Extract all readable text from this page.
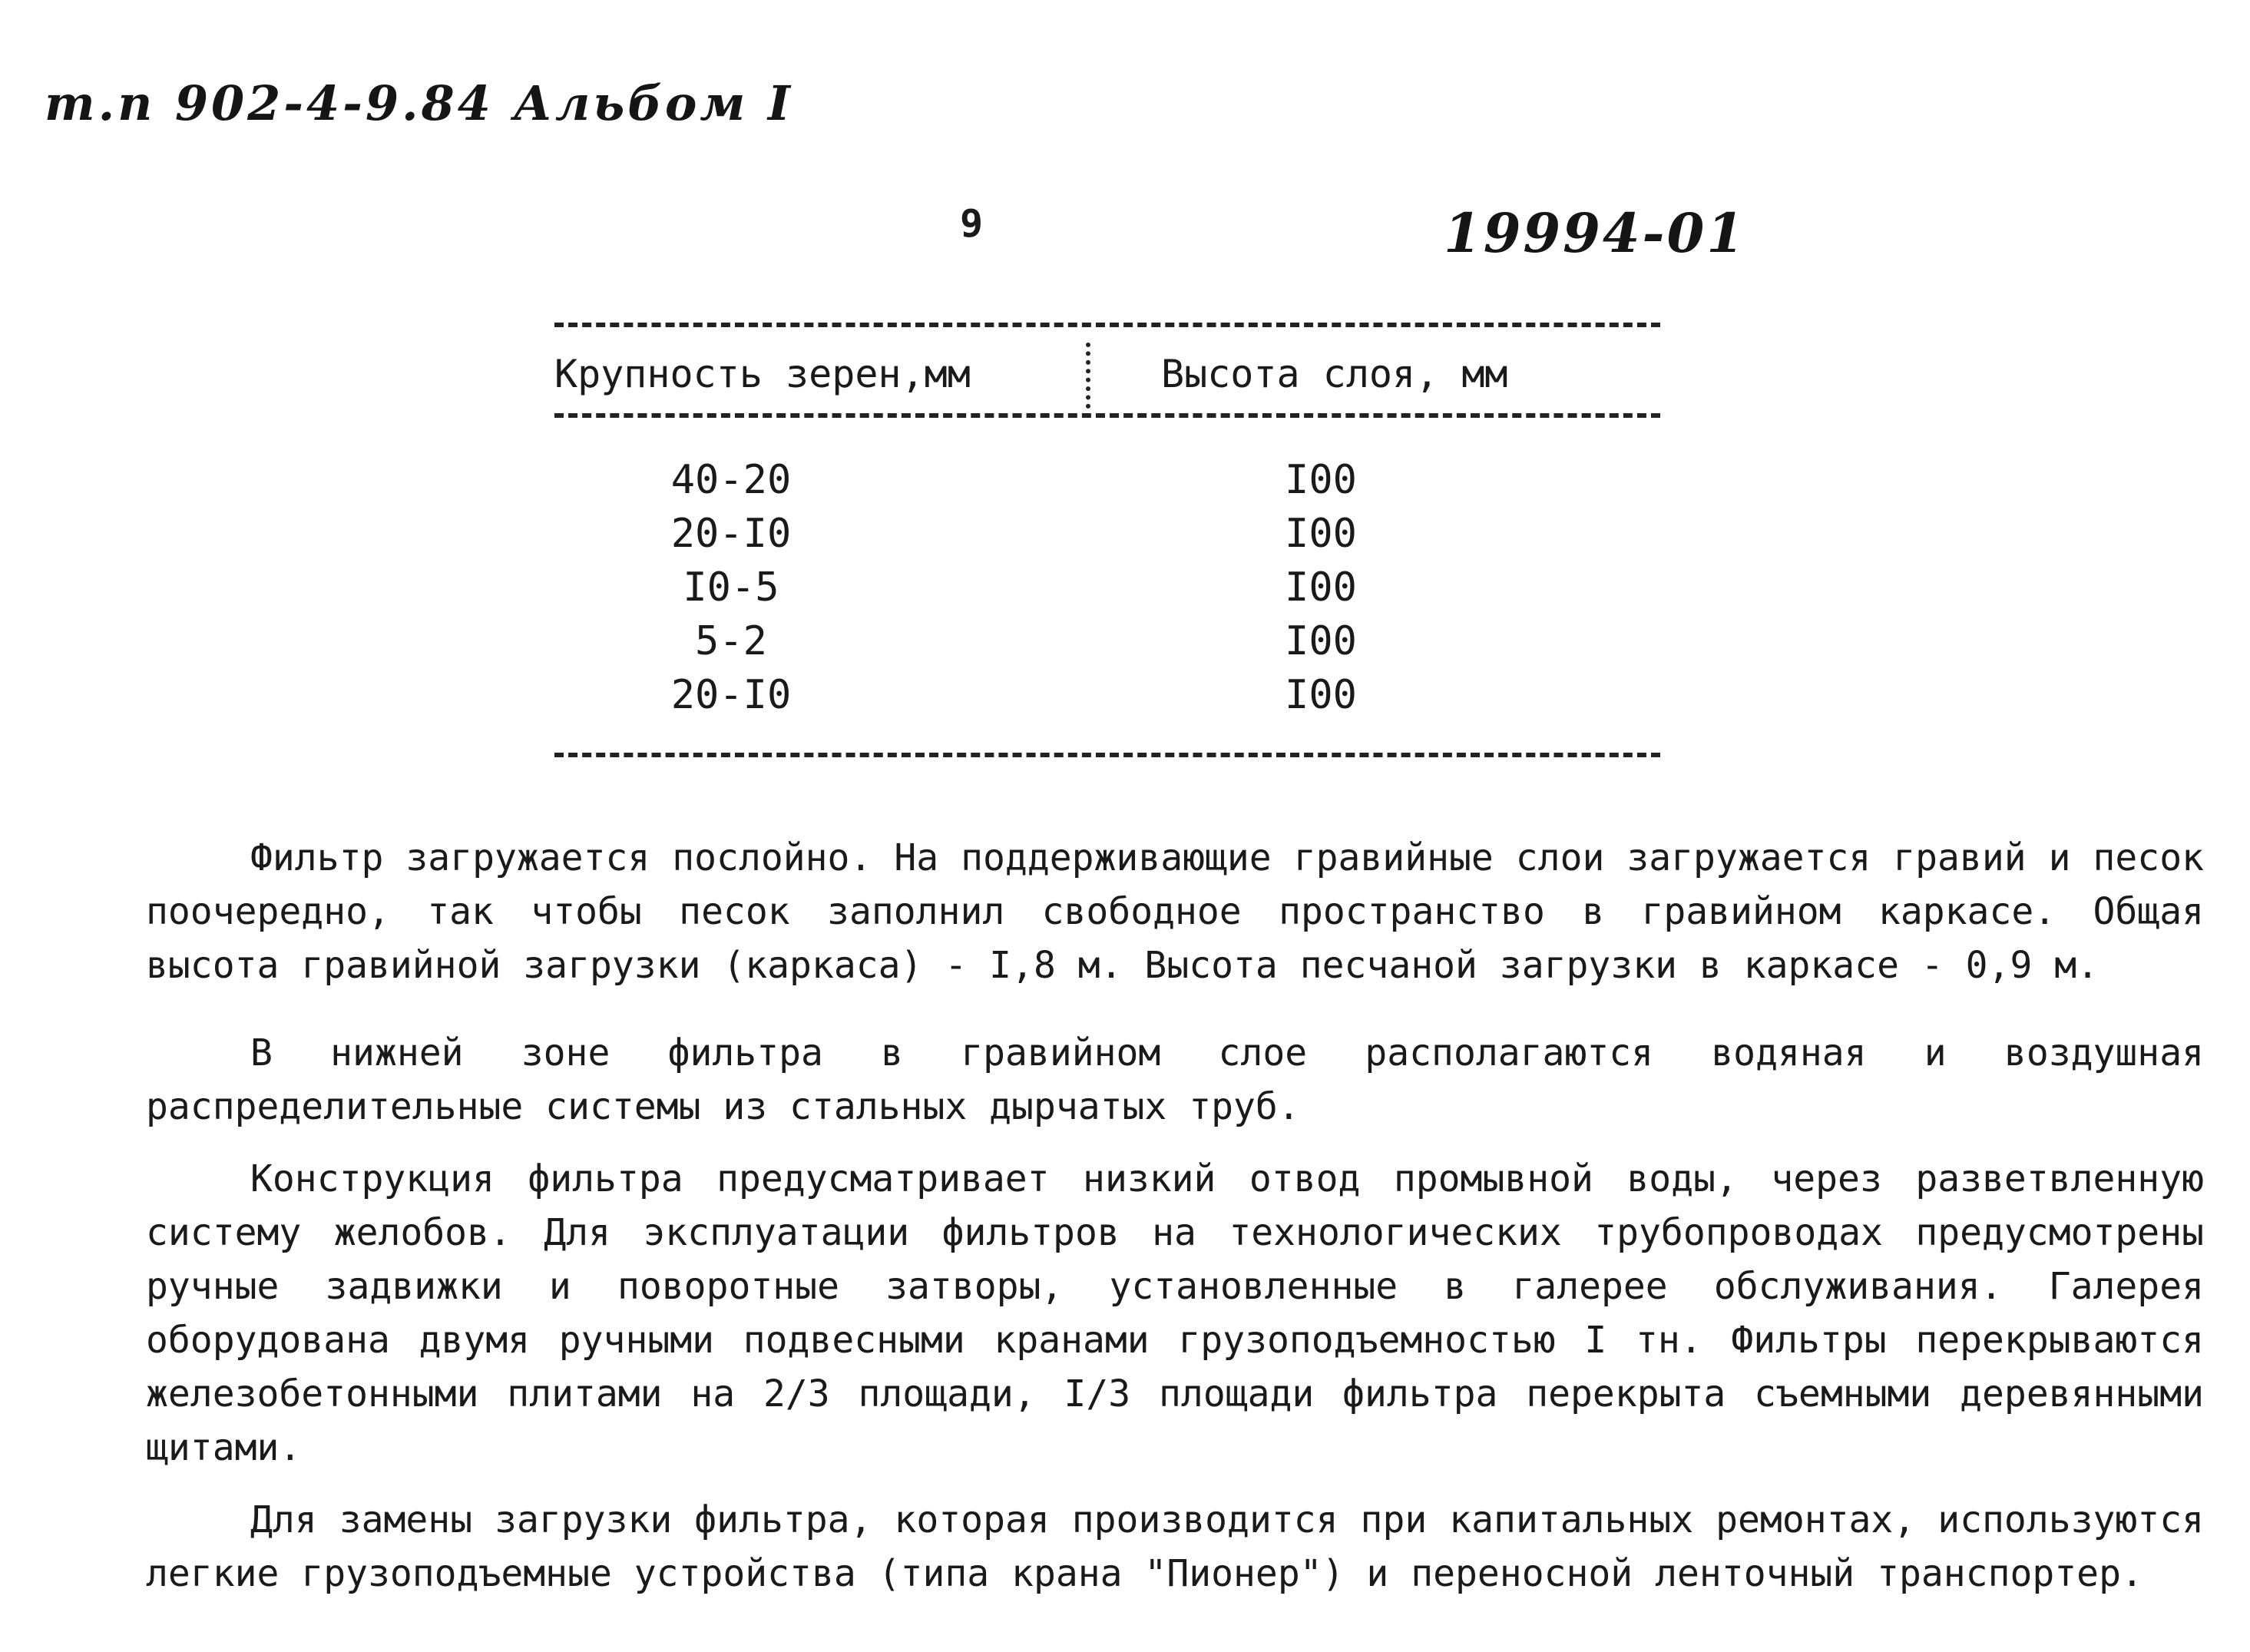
т.п 902-4-9.84 Альбом I
9	19994-01
Крупность зерен,мм	Высота слоя, мм
40-20	I00
20-I0	I00
I0-5	I00
5-2	I00
20-I0	I00

Фильтр загружается послойно. На поддерживающие гравийные слои загружается гравий и песок поочередно, так чтобы песок заполнил свободное пространство в гравийном каркасе. Общая высота гравийной загрузки (каркаса) - I,8 м. Высота песчаной загрузки в каркасе - 0,9 м.

В нижней зоне фильтра в гравийном слое располагаются водяная и воздушная распределительные системы из стальных дырчатых труб.

Конструкция фильтра предусматривает низкий отвод промывной воды, через разветвленную систему желобов. Для эксплуатации фильтров на технологических трубопроводах предусмотрены ручные задвижки и поворотные затворы, установленные в галерее обслуживания. Галерея оборудована двумя ручными подвесными кранами грузоподъемностью I тн. Фильтры перекрываются железобетонными плитами на 2/3 площади, I/3 площади фильтра перекрыта съемными деревянными щитами.

Для замены загрузки фильтра, которая производится при капитальных ремонтах, используются легкие грузоподъемные устройства (типа крана "Пионер") и переносной ленточный транспортер.
